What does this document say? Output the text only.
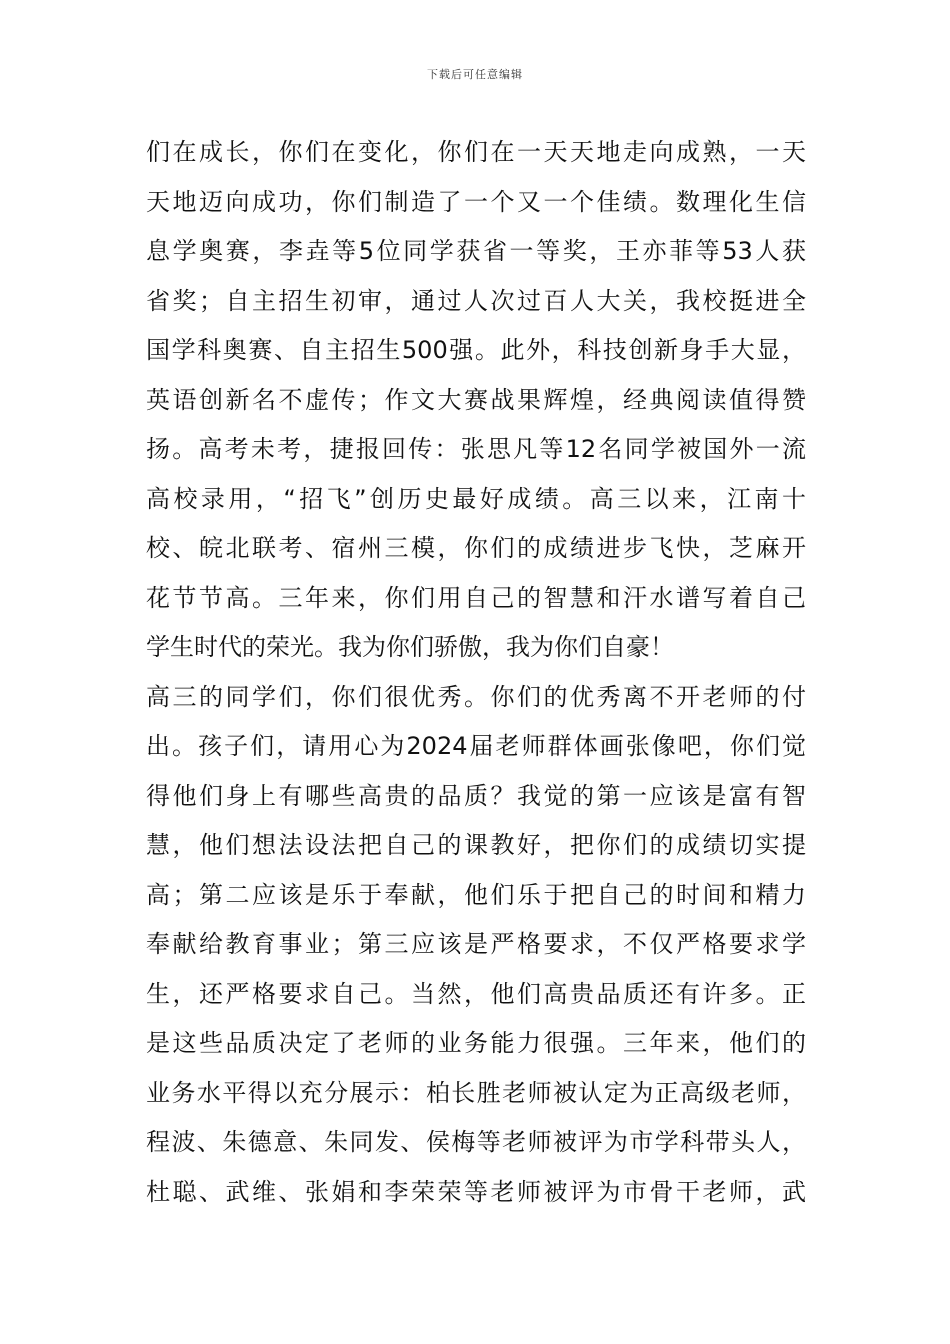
下载后可任意编辑
们在成长，你们在变化，你们在一天天地走向成熟，一天
天地迈向成功，你们制造了一个又一个佳绩。数理化生信
息学奥赛，李垚等5位同学获省一等奖，王亦菲等53人获
省奖；自主招生初审，通过人次过百人大关，我校挺进全
国学科奥赛、自主招生500强。此外，科技创新身手大显，
英语创新名不虚传；作文大赛战果辉煌，经典阅读值得赞
扬。高考未考，捷报回传：张思凡等12名同学被国外一流
高校录用，“招飞”创历史最好成绩。高三以来，江南十
校、皖北联考、宿州三模，你们的成绩进步飞快，芝麻开
花节节高。三年来，你们用自己的智慧和汗水谱写着自己
学生时代的荣光。我为你们骄傲，我为你们自豪！
高三的同学们，你们很优秀。你们的优秀离不开老师的付
出。孩子们，请用心为2024届老师群体画张像吧，你们觉
得他们身上有哪些高贵的品质？我觉的第一应该是富有智
慧，他们想法设法把自己的课教好，把你们的成绩切实提
高；第二应该是乐于奉献，他们乐于把自己的时间和精力
奉献给教育事业；第三应该是严格要求，不仅严格要求学
生，还严格要求自己。当然，他们高贵品质还有许多。正
是这些品质决定了老师的业务能力很强。三年来，他们的
业务水平得以充分展示：柏长胜老师被认定为正高级老师，
程波、朱德意、朱同发、侯梅等老师被评为市学科带头人，
杜聪、武维、张娟和李荣荣等老师被评为市骨干老师，武
